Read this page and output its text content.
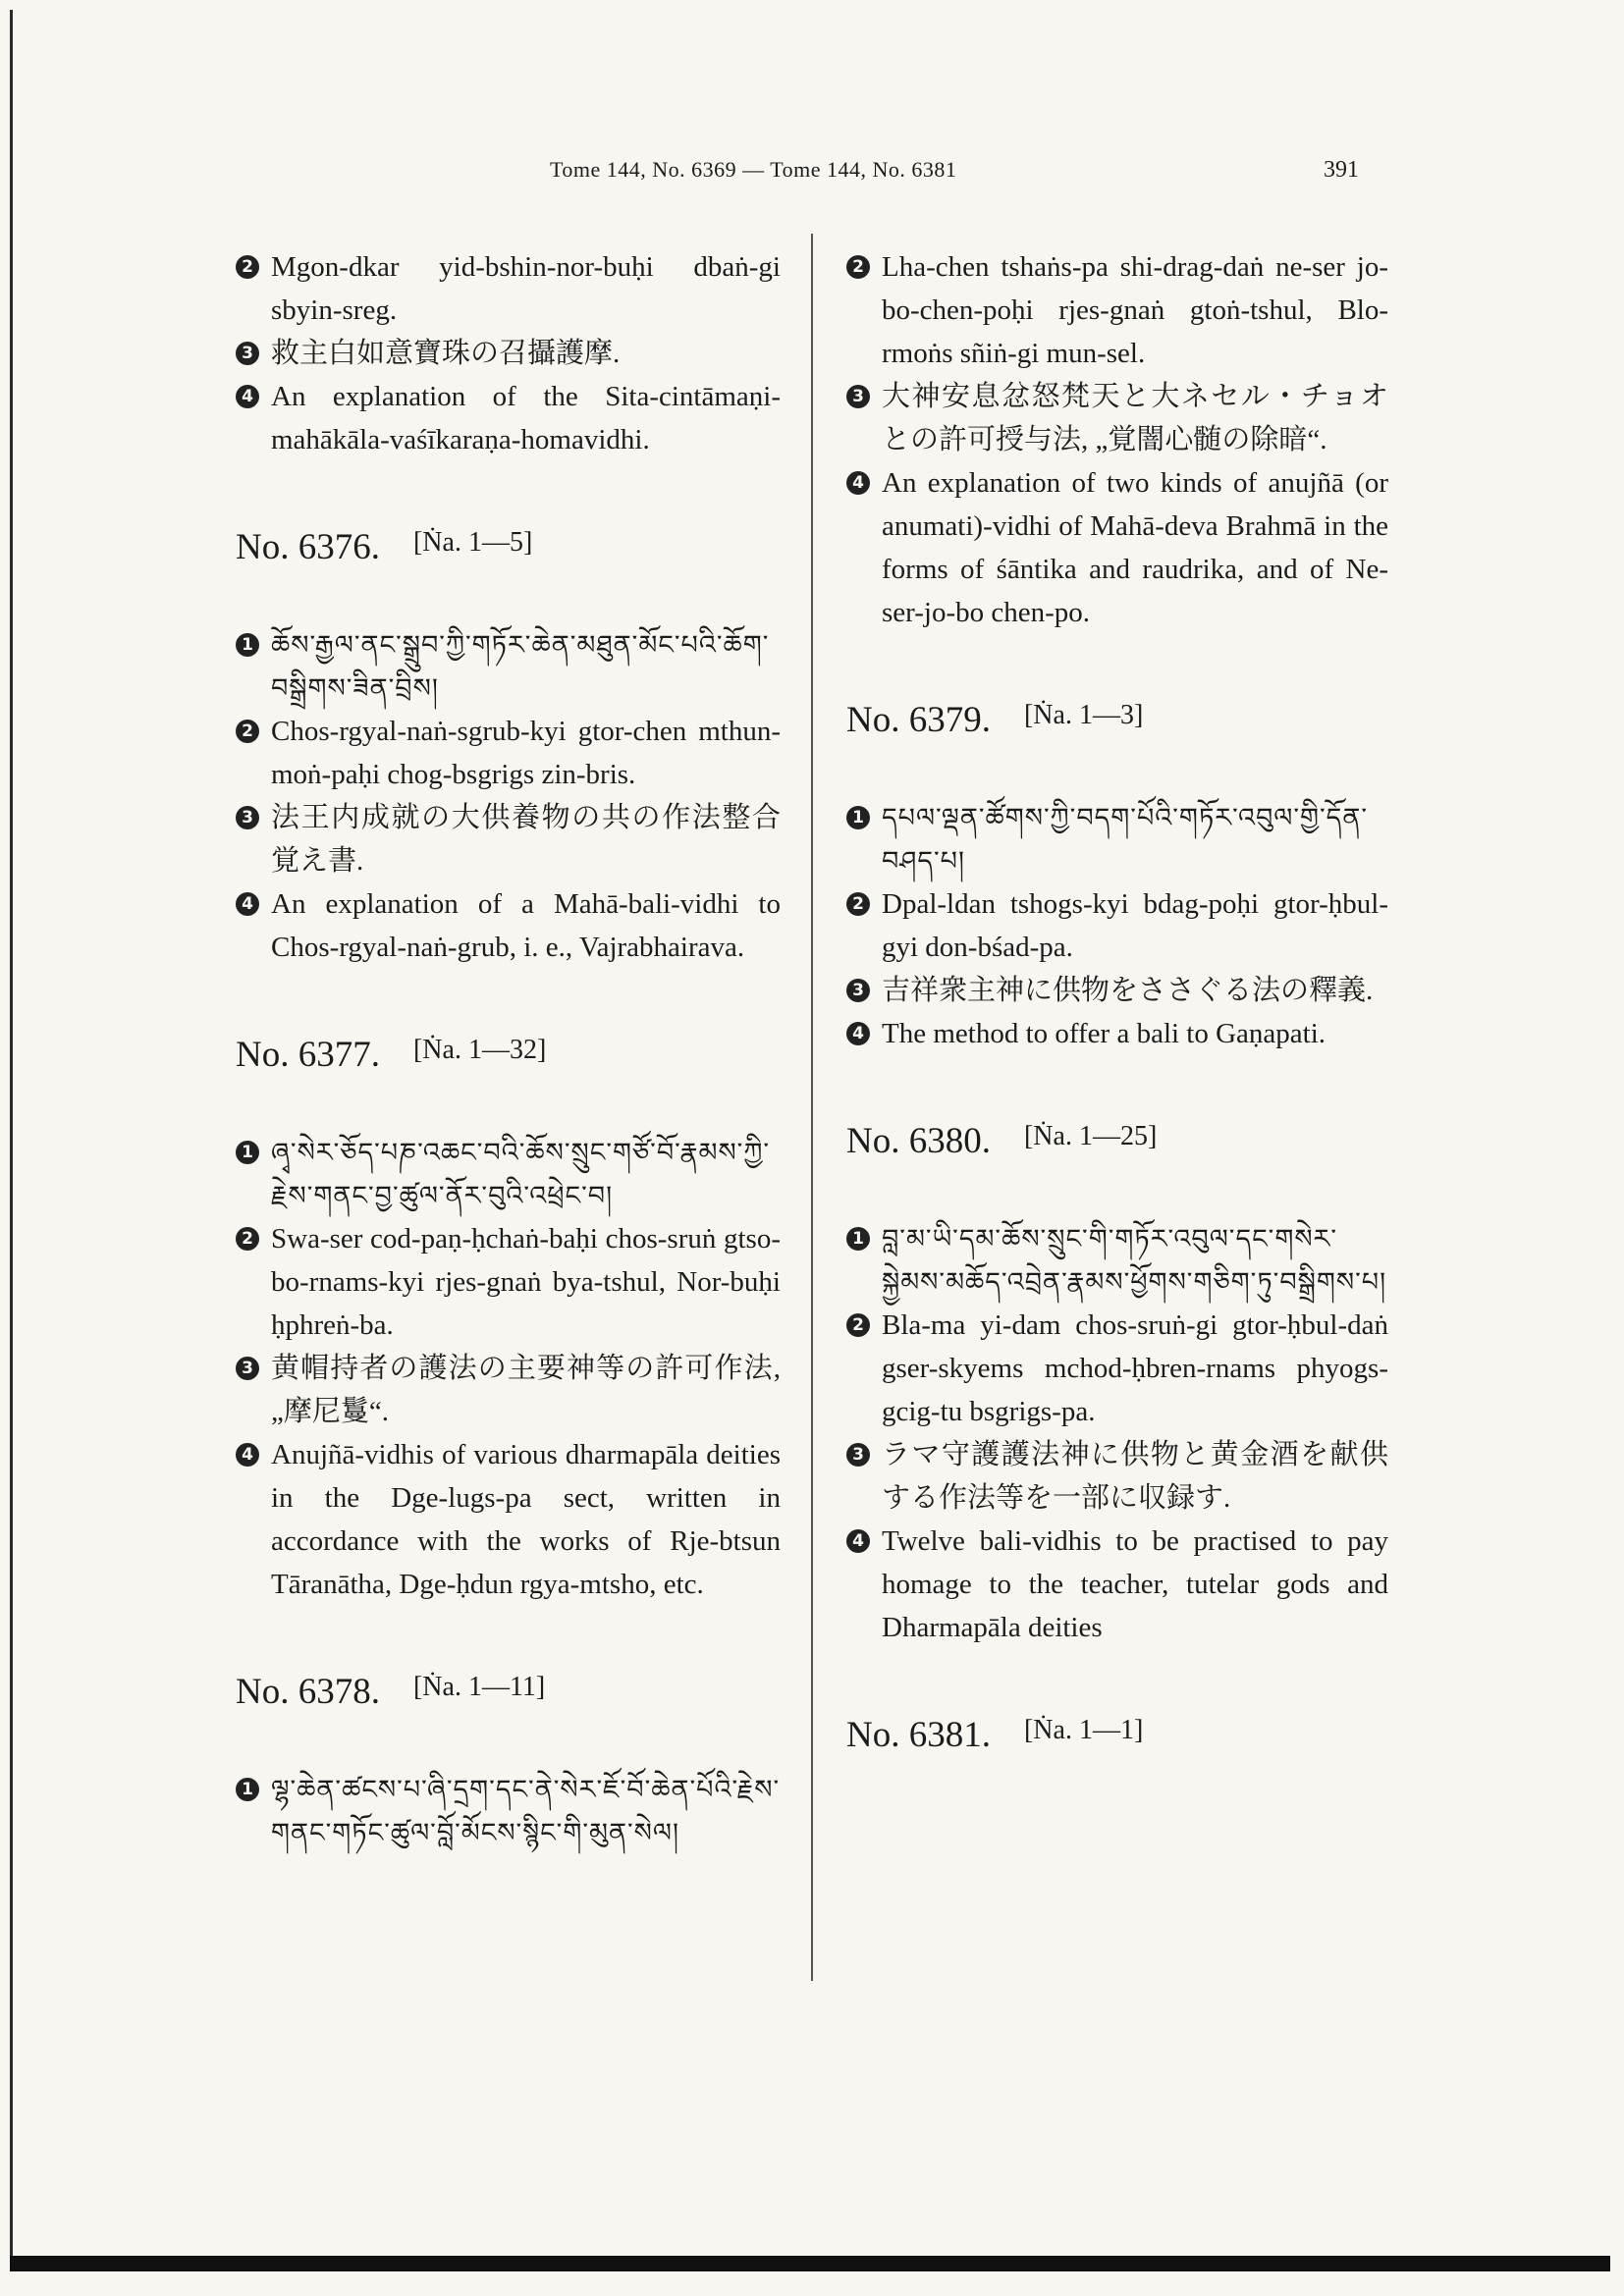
Tome 144, No. 6369 — Tome 144, No. 6381	391
2 Mgon-dkar yid-bshin-nor-buḥi dbaṅ-gi sbyin-sreg.
3 救主白如意寶珠の召攝護摩.
4 An explanation of the Sita-cintāmaṇi-mahākāla-vaśīkaraṇa-homavidhi.
No. 6376. [Ṅa. 1—5]
1 ཆོས་རྒྱལ་ནང་སྒྲུབ་ཀྱི་གཏོར་ཆེན་མཐུན་མོང་པའི་ཆོག་བསྒྲིགས་ཟིན་བྲིས།
2 Chos-rgyal-naṅ-sgrub-kyi gtor-chen mthun-moṅ-paḥi chog-bsgrigs zin-bris.
3 法王内成就の大供養物の共の作法整合覚え書.
4 An explanation of a Mahā-bali-vidhi to Chos-rgyal-naṅ-grub, i. e., Vajrabhairava.
No. 6377. [Ṅa. 1—32]
1 ཞྭ་སེར་ཅོད་པཎ་འཆང་བའི་ཆོས་སྲུང་གཙོ་བོ་རྣམས་ཀྱི་རྗེས་གནང་བྱ་ཚུལ་ནོར་བུའི་འཕྲེང་བ།
2 Swa-ser cod-paṇ-ḥchaṅ-baḥi chos-sruṅ gtso-bo-rnams-kyi rjes-gnaṅ bya-tshul, Nor-buḥi ḥphreṅ-ba.
3 黄帽持者の護法の主要神等の許可作法,„摩尼鬘“.
4 Anujñā-vidhis of various dharmapāla deities in the Dge-lugs-pa sect, written in accordance with the works of Rje-btsun Tāranātha, Dge-ḥdun rgya-mtsho, etc.
No. 6378. [Ṅa. 1—11]
1 ལྷ་ཆེན་ཚངས་པ་ཞི་དྲག་དང་ནེ་སེར་ཇོ་བོ་ཆེན་པོའི་རྗེས་གནང་གཏོང་ཚུལ་བློ་མོངས་སྙིང་གི་མུན་སེལ།
2 Lha-chen tshaṅs-pa shi-drag-daṅ ne-ser jo-bo-chen-poḥi rjes-gnaṅ gtoṅ-tshul, Blo-rmoṅs sñiṅ-gi mun-sel.
3 大神安息忿怒梵天と大ネセル・チョオとの許可授与法, „覚闇心髄の除暗“.
4 An explanation of two kinds of anujñā (or anumati)-vidhi of Mahā-deva Brahmā in the forms of śāntika and raudrika, and of Ne-ser-jo-bo chen-po.
No. 6379. [Ṅa. 1—3]
1 དཔལ་ལྡན་ཚོགས་ཀྱི་བདག་པོའི་གཏོར་འབུལ་གྱི་དོན་བཤད་པ།
2 Dpal-ldan tshogs-kyi bdag-poḥi gtor-ḥbul-gyi don-bśad-pa.
3 吉祥衆主神に供物をささぐる法の釋義.
4 The method to offer a bali to Gaṇapati.
No. 6380. [Ṅa. 1—25]
1 བླ་མ་ཡི་དམ་ཆོས་སྲུང་གི་གཏོར་འབུལ་དང་གསེར་སྐྱེམས་མཆོད་འབྲེན་རྣམས་ཕྱོགས་གཅིག་ཏུ་བསྒྲིགས་པ།
2 Bla-ma yi-dam chos-sruṅ-gi gtor-ḥbul-daṅ gser-skyems mchod-ḥbren-rnams phyogs-gcig-tu bsgrigs-pa.
3 ラマ守護護法神に供物と黄金酒を献供する作法等を一部に収録す.
4 Twelve bali-vidhis to be practised to pay homage to the teacher, tutelar gods and Dharmapāla deities
No. 6381. [Ṅa. 1—1]
